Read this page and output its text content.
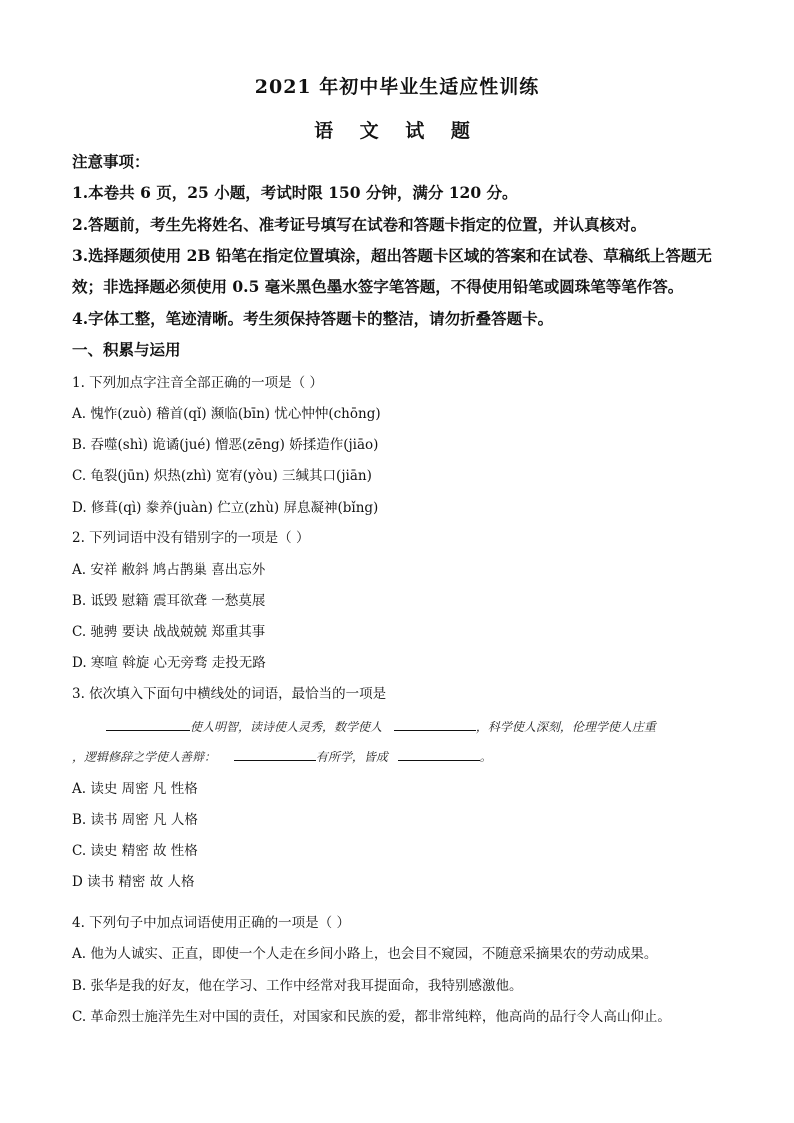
2021 年初中毕业生适应性训练
语 文 试 题
注意事项：
1.本卷共 6 页，25 小题，考试时限 150 分钟，满分 120 分。
2.答题前，考生先将姓名、准考证号填写在试卷和答题卡指定的位置，并认真核对。
3.选择题须使用 2B 铅笔在指定位置填涂，超出答题卡区域的答案和在试卷、草稿纸上答题无
效；非选择题必须使用 0.5 毫米黑色墨水签字笔答题，不得使用铅笔或圆珠笔等笔作答。
4.字体工整，笔迹清晰。考生须保持答题卡的整洁，请勿折叠答题卡。
一、积累与运用
1. 下列加点字注音全部正确的一项是（ ）
A. 愧怍(zuò) 稽首(qǐ) 濒临(bīn) 忧心忡忡(chōng)
B. 吞噬(shì) 诡谲(jué) 憎恶(zēng) 娇揉造作(jiāo)
C. 龟裂(jūn) 炽热(zhì) 宽宥(yòu) 三缄其口(jiān)
D. 修葺(qì) 豢养(juàn) 伫立(zhù) 屏息凝神(bǐng)
2. 下列词语中没有错别字的一项是（ ）
A. 安祥 敝斜 鸠占鹊巢 喜出忘外
B. 诋毁 慰籍 震耳欲聋 一愁莫展
C. 驰骋 要诀 战战兢兢 郑重其事
D. 寒喧 斡旋 心无旁骛 走投无路
3. 依次填入下面句中横线处的词语，最恰当的一项是
使人明智，读诗使人灵秀，数学使人	，科学使人深刻，伦理学使人庄重
，逻辑修辞之学使人善辩：	有所学，皆成	。
A. 读史 周密 凡 性格
B. 读书 周密 凡 人格
C. 读史 精密 故 性格
D 读书 精密 故 人格
4. 下列句子中加点词语使用正确的一项是（ ）
A. 他为人诚实、正直，即使一个人走在乡间小路上，也会目不窥园，不随意采摘果农的劳动成果。
B. 张华是我的好友，他在学习、工作中经常对我耳提面命，我特别感激他。
C. 革命烈士施洋先生对中国的责任，对国家和民族的爱，都非常纯粹，他高尚的品行令人高山仰止。
